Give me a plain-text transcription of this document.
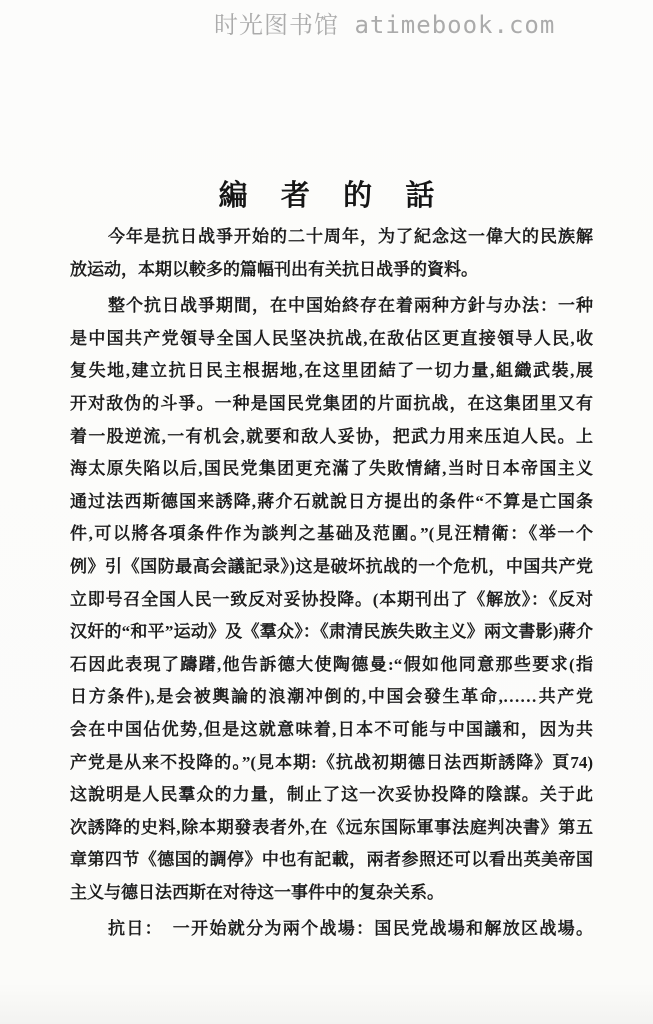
时光图书馆 atimebook.com
編 者 的 話
今年是抗日战爭开始的二十周年，为了紀念这一偉大的民族解
放运动，本期以較多的篇幅刊出有关抗日战爭的資料。
整个抗日战爭期間，在中国始終存在着兩种方針与办法：一种
是中国共产党領导全国人民坚决抗战,在敌佔区更直接領导人民,收
复失地,建立抗日民主根据地,在这里团結了一切力量,組織武裝,展
开对敌伪的斗爭。一种是国民党集团的片面抗战，在这集团里又有
着一股逆流,一有机会,就要和敌人妥协，把武力用来压迫人民。上
海太原失陷以后,国民党集团更充滿了失敗情緒,当时日本帝国主义
通过法西斯德国来誘降,蔣介石就說日方提出的条件“不算是亡国条
件,可以將各項条件作为談判之基础及范圍。”(見汪精衛：《举一个
例》引《国防最高会議記录》)这是破坏抗战的一个危机，中国共产党
立即号召全国人民一致反对妥协投降。(本期刊出了《解放》：《反对
汉奸的“和平”运动》及《羣众》：《肃清民族失敗主义》兩文書影)蔣介
石因此表現了躊躇,他告訴德大使陶德曼:“假如他同意那些要求(指
日方条件),是会被輿論的浪潮冲倒的,中国会發生革命,……共产党
会在中国佔优势,但是这就意味着,日本不可能与中国議和，因为共
产党是从来不投降的。”(見本期:《抗战初期德日法西斯誘降》頁74)
这說明是人民羣众的力量，制止了这一次妥协投降的陰謀。关于此
次誘降的史料,除本期發表者外,在《远东国际軍事法庭判决書》第五
章第四节《德国的調停》中也有記載，兩者参照还可以看出英美帝国
主义与德日法西斯在对待这一事件中的复杂关系。
抗日：　一开始就分为兩个战場：国民党战場和解放区战場。
